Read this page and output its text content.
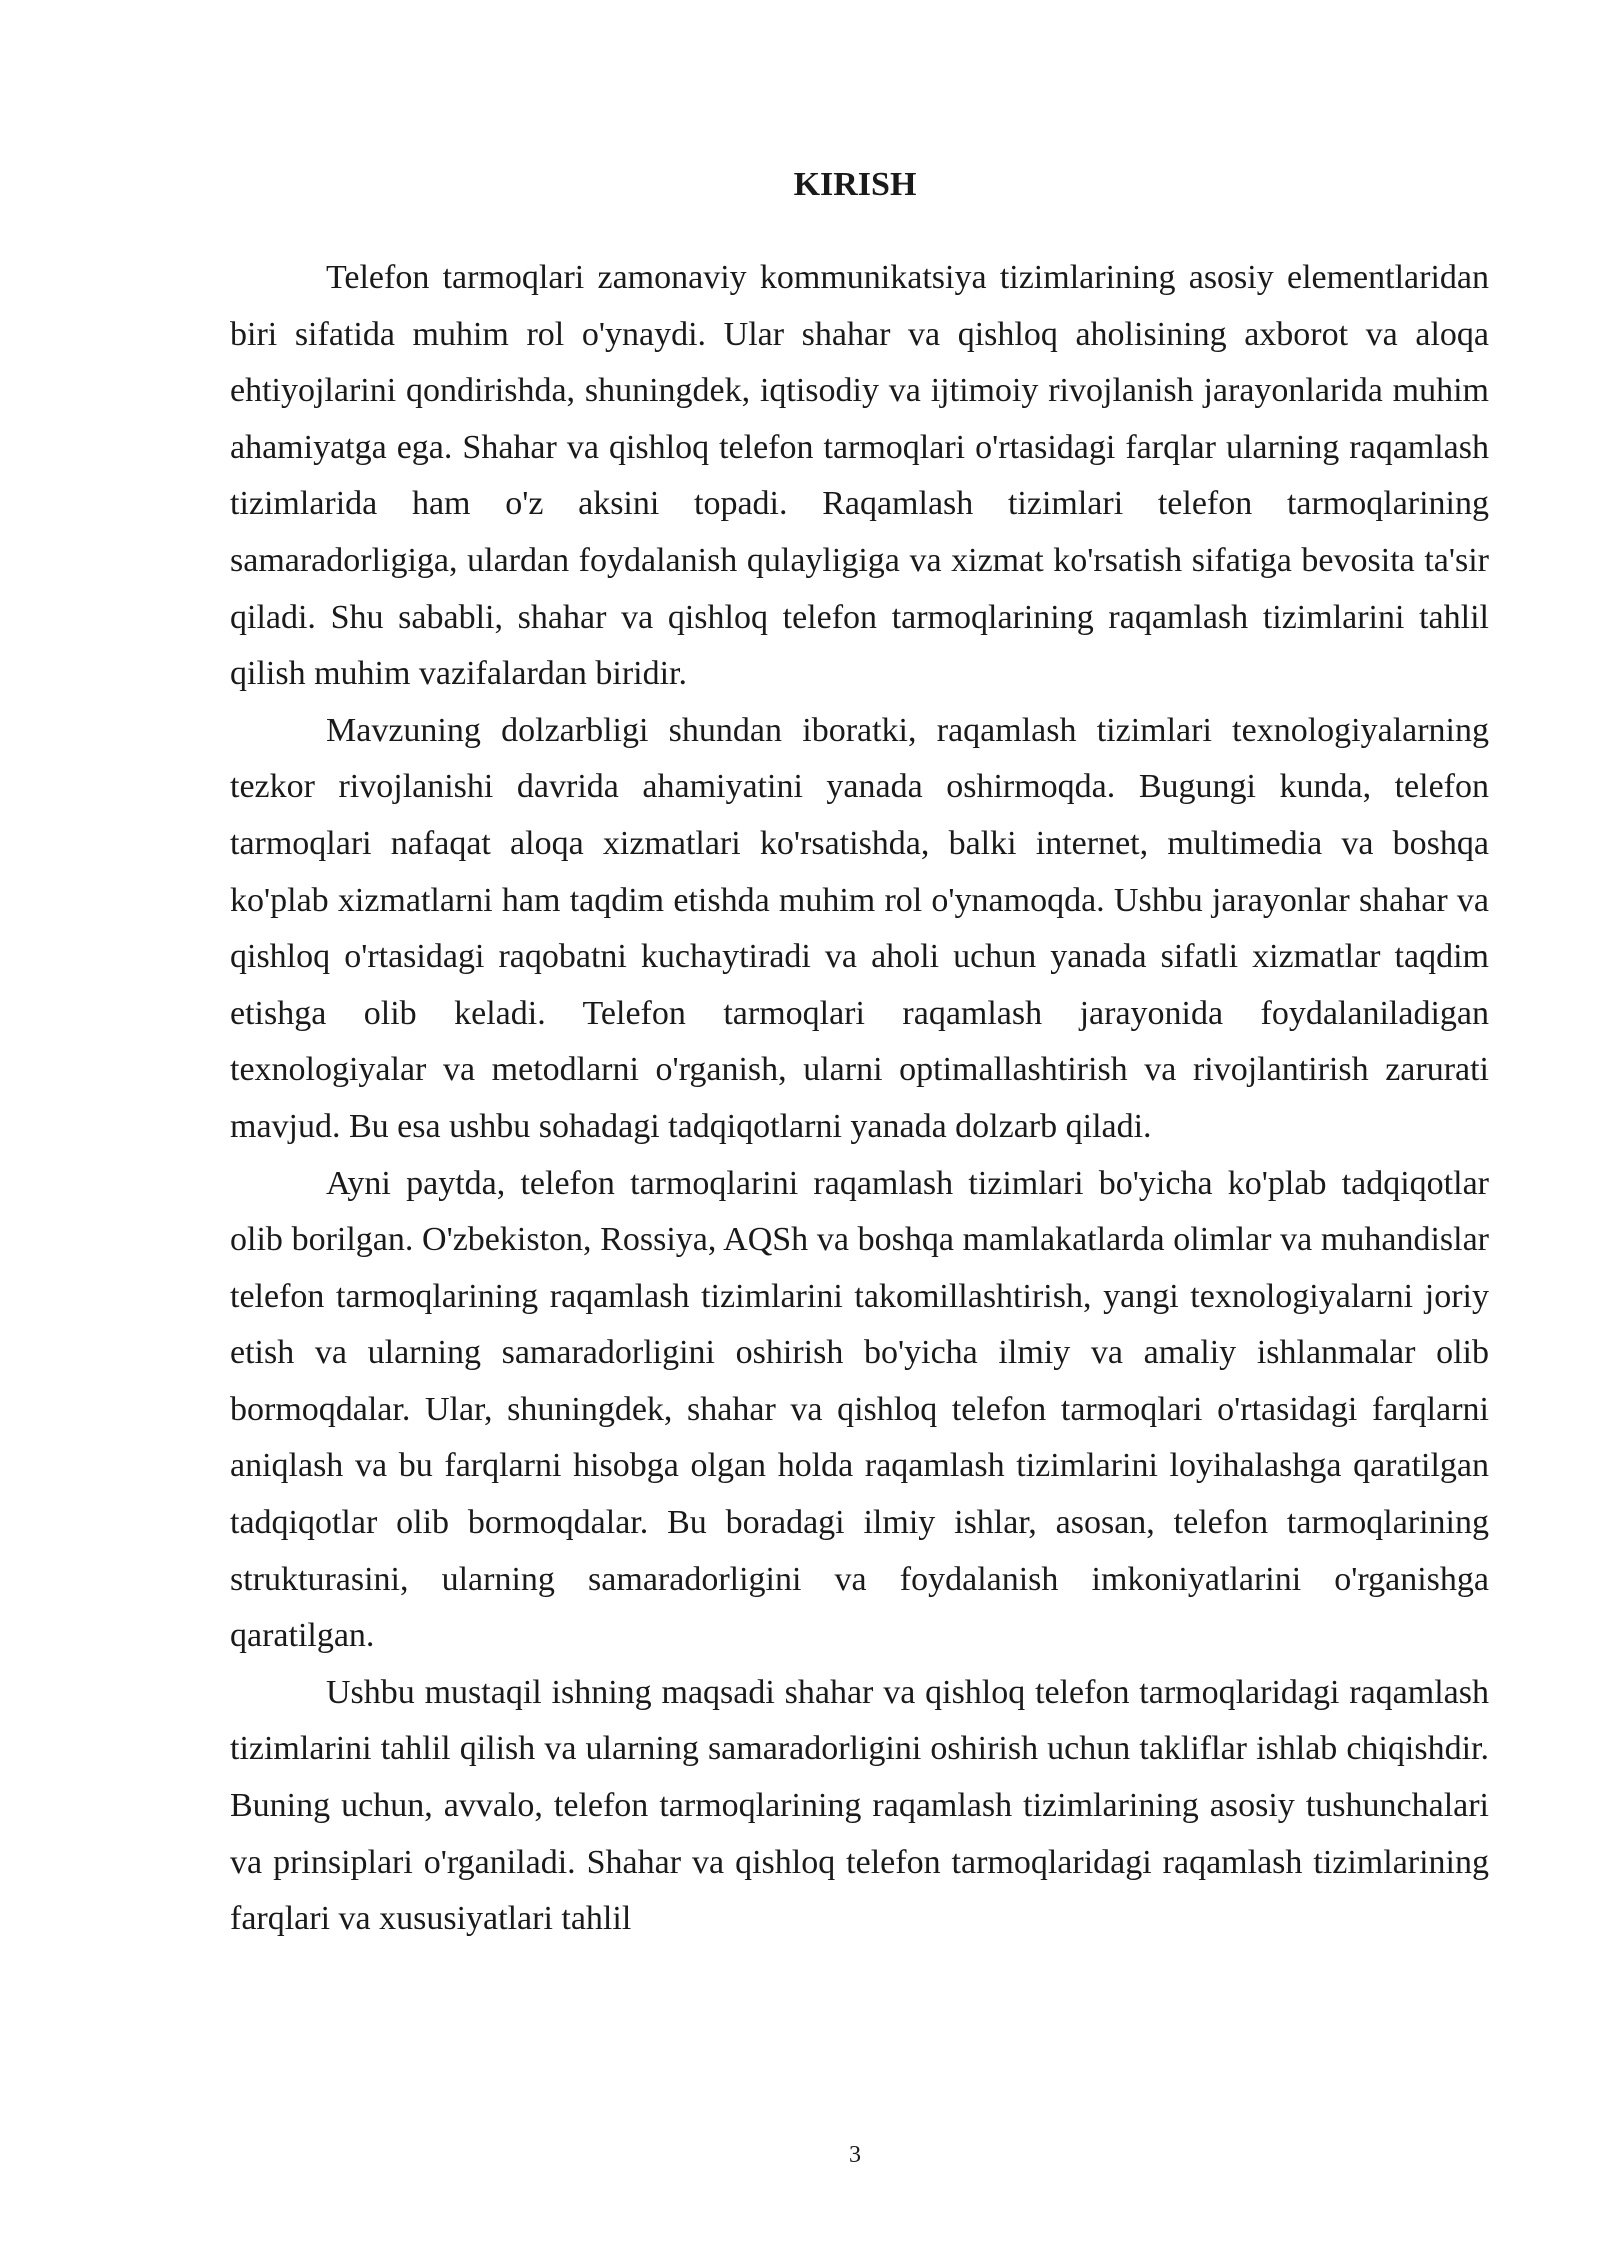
KIRISH

Telefon tarmoqlari zamonaviy kommunikatsiya tizimlarining asosiy elementlaridan biri sifatida muhim rol o'ynaydi. Ular shahar va qishloq aholisining axborot va aloqa ehtiyojlarini qondirishda, shuningdek, iqtisodiy va ijtimoiy rivojlanish jarayonlarida muhim ahamiyatga ega. Shahar va qishloq telefon tarmoqlari o'rtasidagi farqlar ularning raqamlash tizimlarida ham o'z aksini topadi. Raqamlash tizimlari telefon tarmoqlarining samaradorligiga, ulardan foydalanish qulayligiga va xizmat ko'rsatish sifatiga bevosita ta'sir qiladi. Shu sababli, shahar va qishloq telefon tarmoqlarining raqamlash tizimlarini tahlil qilish muhim vazifalardan biridir.

Mavzuning dolzarbligi shundan iboratki, raqamlash tizimlari texnologiyalarning tezkor rivojlanishi davrida ahamiyatini yanada oshirmoqda. Bugungi kunda, telefon tarmoqlari nafaqat aloqa xizmatlari ko'rsatishda, balki internet, multimedia va boshqa ko'plab xizmatlarni ham taqdim etishda muhim rol o'ynamoqda. Ushbu jarayonlar shahar va qishloq o'rtasidagi raqobatni kuchaytiradi va aholi uchun yanada sifatli xizmatlar taqdim etishga olib keladi. Telefon tarmoqlari raqamlash jarayonida foydalaniladigan texnologiyalar va metodlarni o'rganish, ularni optimallashtirish va rivojlantirish zarurati mavjud. Bu esa ushbu sohadagi tadqiqotlarni yanada dolzarb qiladi.

Ayni paytda, telefon tarmoqlarini raqamlash tizimlari bo'yicha ko'plab tadqiqotlar olib borilgan. O'zbekiston, Rossiya, AQSh va boshqa mamlakatlarda olimlar va muhandislar telefon tarmoqlarining raqamlash tizimlarini takomillashtirish, yangi texnologiyalarni joriy etish va ularning samaradorligini oshirish bo'yicha ilmiy va amaliy ishlanmalar olib bormoqdalar. Ular, shuningdek, shahar va qishloq telefon tarmoqlari o'rtasidagi farqlarni aniqlash va bu farqlarni hisobga olgan holda raqamlash tizimlarini loyihalashga qaratilgan tadqiqotlar olib bormoqdalar. Bu boradagi ilmiy ishlar, asosan, telefon tarmoqlarining strukturasini, ularning samaradorligini va foydalanish imkoniyatlarini o'rganishga qaratilgan.

Ushbu mustaqil ishning maqsadi shahar va qishloq telefon tarmoqlaridagi raqamlash tizimlarini tahlil qilish va ularning samaradorligini oshirish uchun takliflar ishlab chiqishdir. Buning uchun, avvalo, telefon tarmoqlarining raqamlash tizimlarining asosiy tushunchalari va prinsiplari o'rganiladi. Shahar va qishloq telefon tarmoqlaridagi raqamlash tizimlarining farqlari va xususiyatlari tahlil

3
